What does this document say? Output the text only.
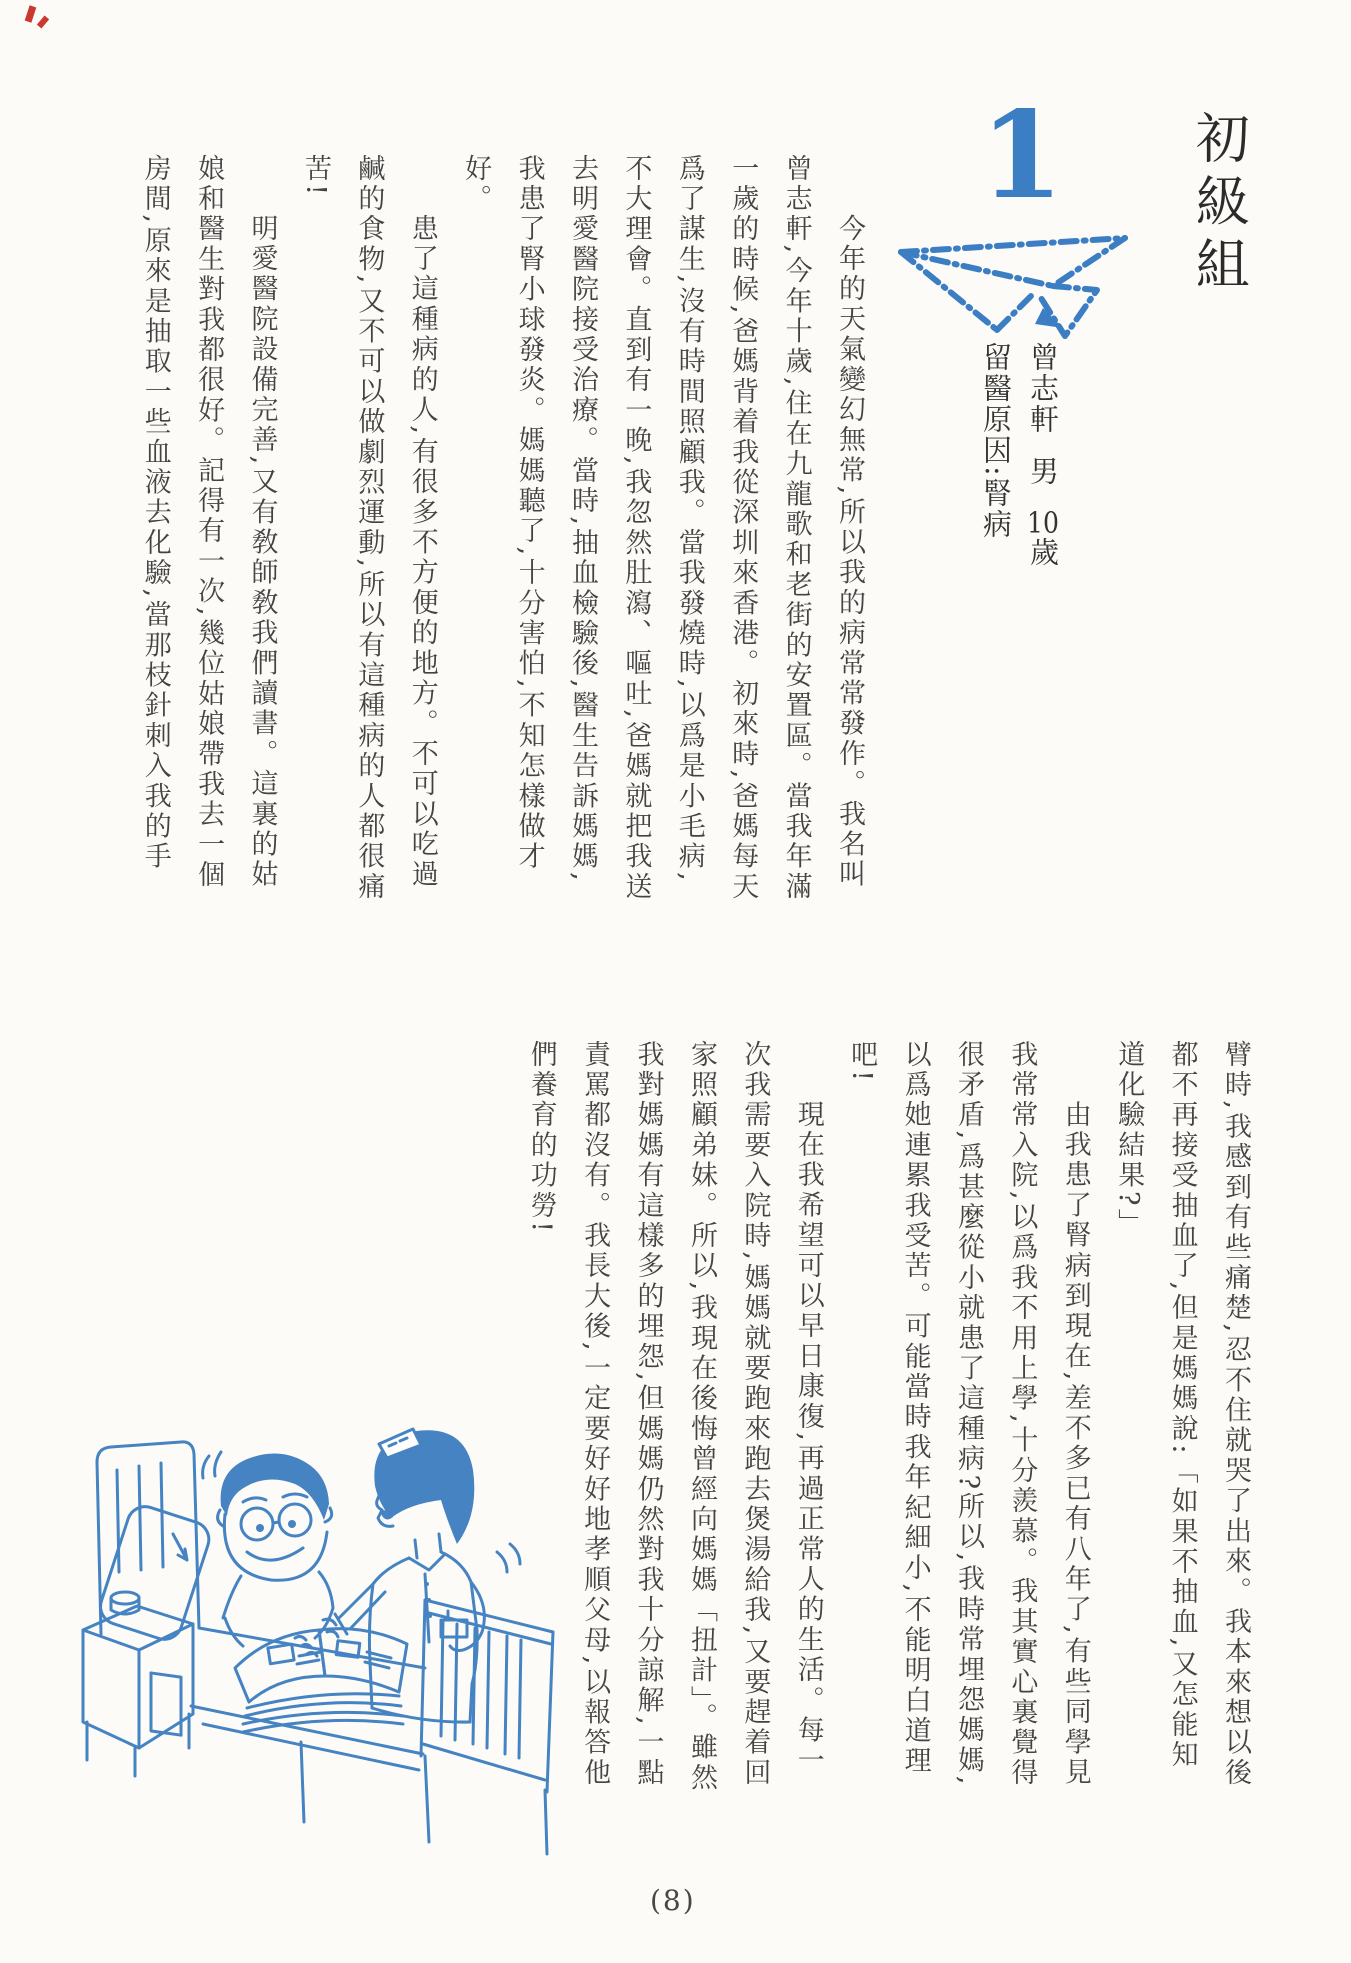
初級組
1
曾志軒男10歲
留醫原因:腎病

今年的天氣變幻無常,所以我的病常常發作。我名叫曾志軒,今年十歲,住在九龍歌和老街的安置區。當我年滿一歲的時候,爸媽背着我從深圳來香港。初來時,爸媽每天爲了謀生,沒有時間照顧我。當我發燒時,以爲是小毛病,不大理會。直到有一晚,我忽然肚瀉、嘔吐,爸媽就把我送去明愛醫院接受治療。當時,抽血檢驗後,醫生告訴媽媽,我患了腎小球發炎。媽媽聽了,十分害怕,不知怎樣做才好。

患了這種病的人,有很多不方便的地方。不可以吃過鹹的食物,又不可以做劇烈運動,所以有這種病的人都很痛苦!

明愛醫院設備完善,又有敎師敎我們讀書。這裏的姑娘和醫生對我都很好。記得有一次,幾位姑娘帶我去一個房間,原來是抽取一些血液去化驗,當那枝針刺入我的手

臂時,我感到有些痛楚,忍不住就哭了出來。我本來想以後都不再接受抽血了,但是媽媽說:「如果不抽血,又怎能知道化驗結果?」

由我患了腎病到現在,差不多已有八年了,有些同學見我常常入院,以爲我不用上學,十分羨慕。我其實心裏覺得很矛盾,爲甚麼從小就患了這種病?所以,我時常埋怨媽媽,以爲她連累我受苦。可能當時我年紀細小,不能明白道理吧!

現在我希望可以早日康復,再過正常人的生活。每一次我需要入院時,媽媽就要跑來跑去煲湯給我,又要趕着回家照顧弟妹。所以,我現在後悔曾經向媽媽「扭計」。雖然我對媽媽有這樣多的埋怨,但媽媽仍然對我十分諒解,一點責罵都沒有。我長大後,一定要好好地孝順父母,以報答他們養育的功勞!

(8)
